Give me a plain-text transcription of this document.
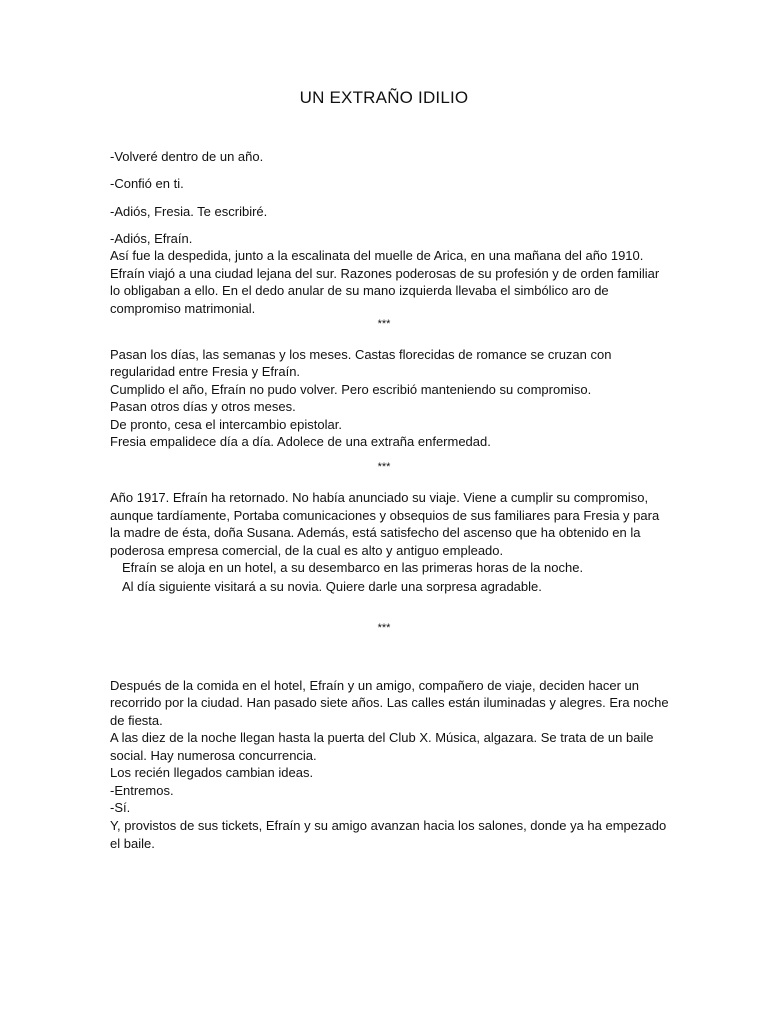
UN EXTRAÑO IDILIO
-Volveré dentro de un año.
-Confió en ti.
-Adiós, Fresia. Te escribiré.
-Adiós, Efraín.
Así fue la despedida, junto a la escalinata del muelle de Arica, en una mañana del año 1910.
Efraín viajó a una ciudad lejana del sur. Razones poderosas de su profesión y de orden familiar
lo obligaban a ello. En el dedo anular de su mano izquierda llevaba el simbólico aro de
compromiso matrimonial.
***
Pasan los días, las semanas y los meses. Castas florecidas de romance se cruzan con
regularidad entre Fresia y Efraín.
Cumplido el año, Efraín no pudo volver. Pero escribió manteniendo su compromiso.
Pasan otros días y otros meses.
De pronto, cesa el intercambio epistolar.
Fresia empalidece día a día. Adolece de una extraña enfermedad.
***
Año 1917. Efraín ha retornado. No había anunciado su viaje. Viene a cumplir su compromiso,
aunque tardíamente, Portaba comunicaciones y obsequios de sus familiares para Fresia y para
la madre de ésta, doña Susana. Además, está satisfecho del ascenso que ha obtenido en la
poderosa empresa comercial, de la cual es alto y antiguo empleado.
Efraín se aloja en un hotel, a su desembarco en las primeras horas de la noche.
Al día siguiente visitará a su novia. Quiere darle una sorpresa agradable.
***
Después de la comida en el hotel, Efraín y un amigo, compañero de viaje, deciden hacer un
recorrido por la ciudad. Han pasado siete años. Las calles están iluminadas y alegres. Era noche
de fiesta.
A las diez de la noche llegan hasta la puerta del Club X. Música, algazara. Se trata de un baile
social. Hay numerosa concurrencia.
Los recién llegados cambian ideas.
-Entremos.
-Sí.
Y, provistos de sus tickets, Efraín y su amigo avanzan hacia los salones, donde ya ha empezado
el baile.
